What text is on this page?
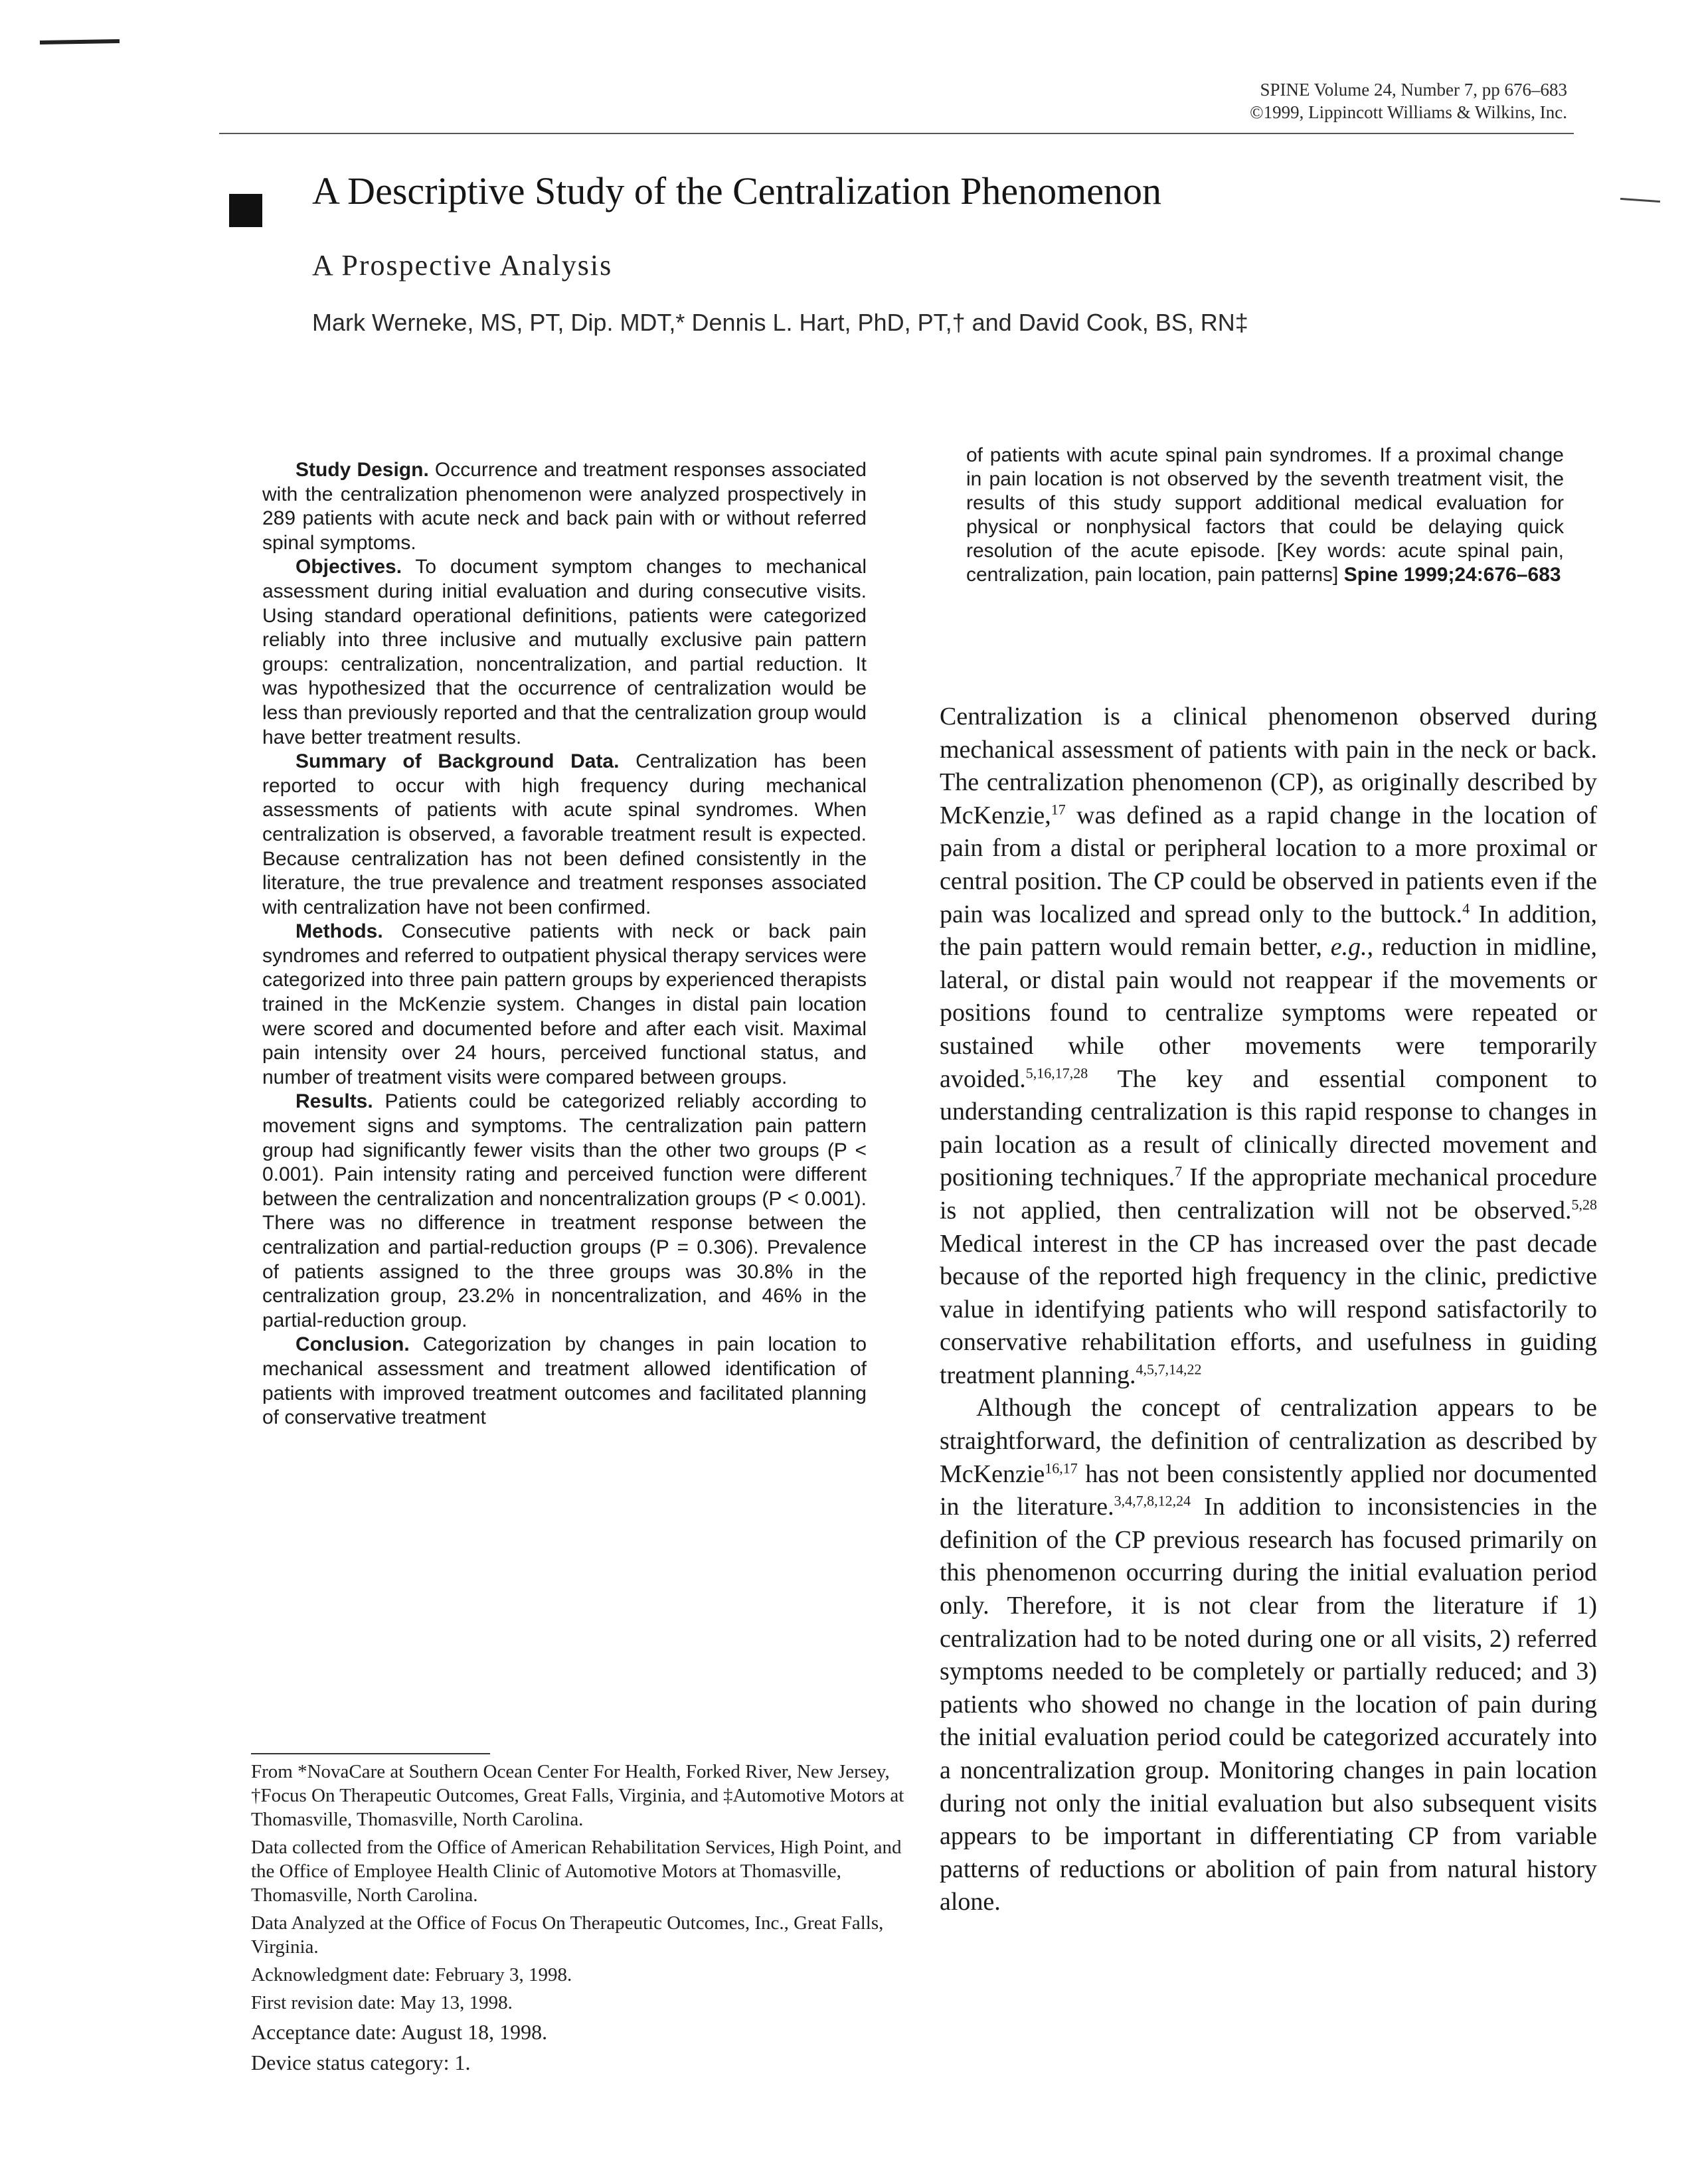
SPINE Volume 24, Number 7, pp 676–683
©1999, Lippincott Williams & Wilkins, Inc.
A Descriptive Study of the Centralization Phenomenon
A Prospective Analysis
Mark Werneke, MS, PT, Dip. MDT,* Dennis L. Hart, PhD, PT,† and David Cook, BS, RN‡

Study Design. Occurrence and treatment responses associated with the centralization phenomenon were analyzed prospectively in 289 patients with acute neck and back pain with or without referred spinal symptoms.

Objectives. To document symptom changes to mechanical assessment during initial evaluation and during consecutive visits. Using standard operational definitions, patients were categorized reliably into three inclusive and mutually exclusive pain pattern groups: centralization, noncentralization, and partial reduction. It was hypothesized that the occurrence of centralization would be less than previously reported and that the centralization group would have better treatment results.

Summary of Background Data. Centralization has been reported to occur with high frequency during mechanical assessments of patients with acute spinal syndromes. When centralization is observed, a favorable treatment result is expected. Because centralization has not been defined consistently in the literature, the true prevalence and treatment responses associated with centralization have not been confirmed.

Methods. Consecutive patients with neck or back pain syndromes and referred to outpatient physical therapy services were categorized into three pain pattern groups by experienced therapists trained in the McKenzie system. Changes in distal pain location were scored and documented before and after each visit. Maximal pain intensity over 24 hours, perceived functional status, and number of treatment visits were compared between groups.

Results. Patients could be categorized reliably according to movement signs and symptoms. The centralization pain pattern group had significantly fewer visits than the other two groups (P < 0.001). Pain intensity rating and perceived function were different between the centralization and noncentralization groups (P < 0.001). There was no difference in treatment response between the centralization and partial-reduction groups (P = 0.306). Prevalence of patients assigned to the three groups was 30.8% in the centralization group, 23.2% in noncentralization, and 46% in the partial-reduction group.

Conclusion. Categorization by changes in pain location to mechanical assessment and treatment allowed identification of patients with improved treatment outcomes and facilitated planning of conservative treatment

of patients with acute spinal pain syndromes. If a proximal change in pain location is not observed by the seventh treatment visit, the results of this study support additional medical evaluation for physical or nonphysical factors that could be delaying quick resolution of the acute episode. [Key words: acute spinal pain, centralization, pain location, pain patterns] Spine 1999;24:676–683

Centralization is a clinical phenomenon observed during mechanical assessment of patients with pain in the neck or back. The centralization phenomenon (CP), as originally described by McKenzie,$^{17}$ was defined as a rapid change in the location of pain from a distal or peripheral location to a more proximal or central position. The CP could be observed in patients even if the pain was localized and spread only to the buttock.$^4$ In addition, the pain pattern would remain better, e.g., reduction in midline, lateral, or distal pain would not reappear if the movements or positions found to centralize symptoms were repeated or sustained while other movements were temporarily avoided.$^{5,16,17,28}$ The key and essential component to understanding centralization is this rapid response to changes in pain location as a result of clinically directed movement and positioning techniques.$^7$ If the appropriate mechanical procedure is not applied, then centralization will not be observed.$^{5,28}$ Medical interest in the CP has increased over the past decade because of the reported high frequency in the clinic, predictive value in identifying patients who will respond satisfactorily to conservative rehabilitation efforts, and usefulness in guiding treatment planning.$^{4,5,7,14,22}$

Although the concept of centralization appears to be straightforward, the definition of centralization as described by McKenzie$^{16,17}$ has not been consistently applied nor documented in the literature.$^{3,4,7,8,12,24}$ In addition to inconsistencies in the definition of the CP previous research has focused primarily on this phenomenon occurring during the initial evaluation period only. Therefore, it is not clear from the literature if 1) centralization had to be noted during one or all visits, 2) referred symptoms needed to be completely or partially reduced; and 3) patients who showed no change in the location of pain during the initial evaluation period could be categorized accurately into a noncentralization group. Monitoring changes in pain location during not only the initial evaluation but also subsequent visits appears to be important in differentiating CP from variable patterns of reductions or abolition of pain from natural history alone.

From *NovaCare at Southern Ocean Center For Health, Forked River, New Jersey, †Focus On Therapeutic Outcomes, Great Falls, Virginia, and ‡Automotive Motors at Thomasville, Thomasville, North Carolina.

Data collected from the Office of American Rehabilitation Services, High Point, and the Office of Employee Health Clinic of Automotive Motors at Thomasville, Thomasville, North Carolina.

Data Analyzed at the Office of Focus On Therapeutic Outcomes, Inc., Great Falls, Virginia.

Acknowledgment date: February 3, 1998.

First revision date: May 13, 1998.

Acceptance date: August 18, 1998.

Device status category: 1.
